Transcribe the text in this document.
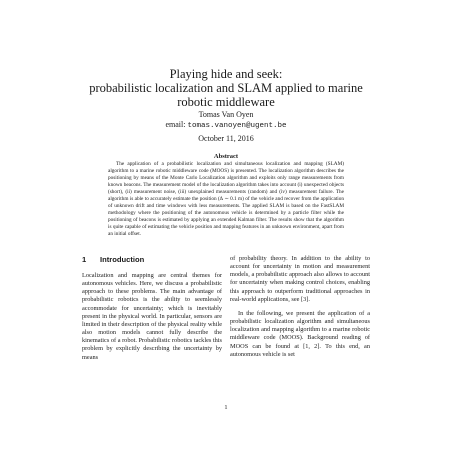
Playing hide and seek:
probabilistic localization and SLAM applied to marine
robotic middleware
Tomas Van Oyen
email: tomas.vanoyen@ugent.be
October 11, 2016
Abstract
The application of a probabilistic localization and simultaneous localization and mapping (SLAM) algorithm to a marine robotic middleware code (MOOS) is presented. The localization algorithm describes the positioning by means of the Monte Carlo Localization algorithm and exploits only range measurements from known beacons. The measurement model of the localization algorithm takes into account (i) unexpected objects (short), (ii) measurement noise, (iii) unexplained measurements (random) and (iv) measurement failure. The algorithm is able to accurately estimate the position (∆ ∼ 0.1 m) of the vehicle and recover from the application of unknown drift and time windows with less measurements. The applied SLAM is based on the FastSLAM methodology where the positioning of the autonomous vehicle is determined by a particle filter while the positioning of beacons is estimated by applying an extended Kalman filter. The results show that the algorithm is quite capable of estimating the vehicle position and mapping features in an unknown environment, apart from an initial offset.
1 Introduction

Localization and mapping are central themes for autonomous vehicles. Here, we discuss a probabilistic approach to these problems. The main advantage of probabilistic robotics is the ability to seemlessly accommodate for uncertainty; which is inevitably present in the physical world. In particular, sensors are limited in their description of the physical reality while also motion models cannot fully describe the kinematics of a robot. Probabilistic robotics tackles this problem by explicitly describing the uncertainty by means

of probability theory. In addition to the ability to account for uncertainty in motion and measurement models, a probabilistic approach also allows to account for uncertainty when making control choices, enabling this approach to outperform traditional approaches in real-world applications, see [3].

In the following, we present the application of a probabilistic localization algorithm and simultaneous localization and mapping algorithm to a marine robotic middleware code (MOOS). Background reading of MOOS can be found at [1, 2]. To this end, an autonomous vehicle is set

1
